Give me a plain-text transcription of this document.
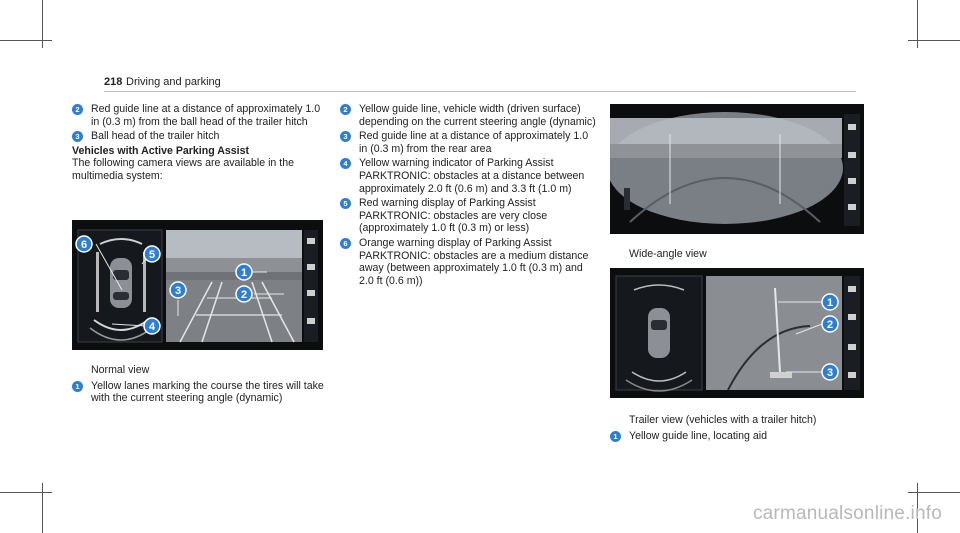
218 Driving and parking
2	Red guide line at a distance of approximately 1.0 in (0.3 m) from the ball head of the trailer hitch
3	Ball head of the trailer hitch
Vehicles with Active Parking Assist
The following camera views are available in the multimedia system:
6
5
1
3	2
4
Normal view
1	Yellow lanes marking the course the tires will take with the current steering angle (dynamic)
2	Yellow guide line, vehicle width (driven surface) depending on the current steering angle (dynamic)
3	Red guide line at a distance of approximately 1.0 in (0.3 m) from the rear area
4	Yellow warning indicator of Parking Assist PARKTRONIC: obstacles at a distance between approximately 2.0 ft (0.6 m) and 3.3 ft (1.0 m)
5	Red warning display of Parking Assist PARKTRONIC: obstacles are very close (approximately 1.0 ft (0.3 m) or less)
6	Orange warning display of Parking Assist PARKTRONIC: obstacles are a medium distance away (between approximately 1.0 ft (0.3 m) and 2.0 ft (0.6 m))
Wide-angle view
1
2
3
Trailer view (vehicles with a trailer hitch)
1	Yellow guide line, locating aid
carmanualsonline.info
